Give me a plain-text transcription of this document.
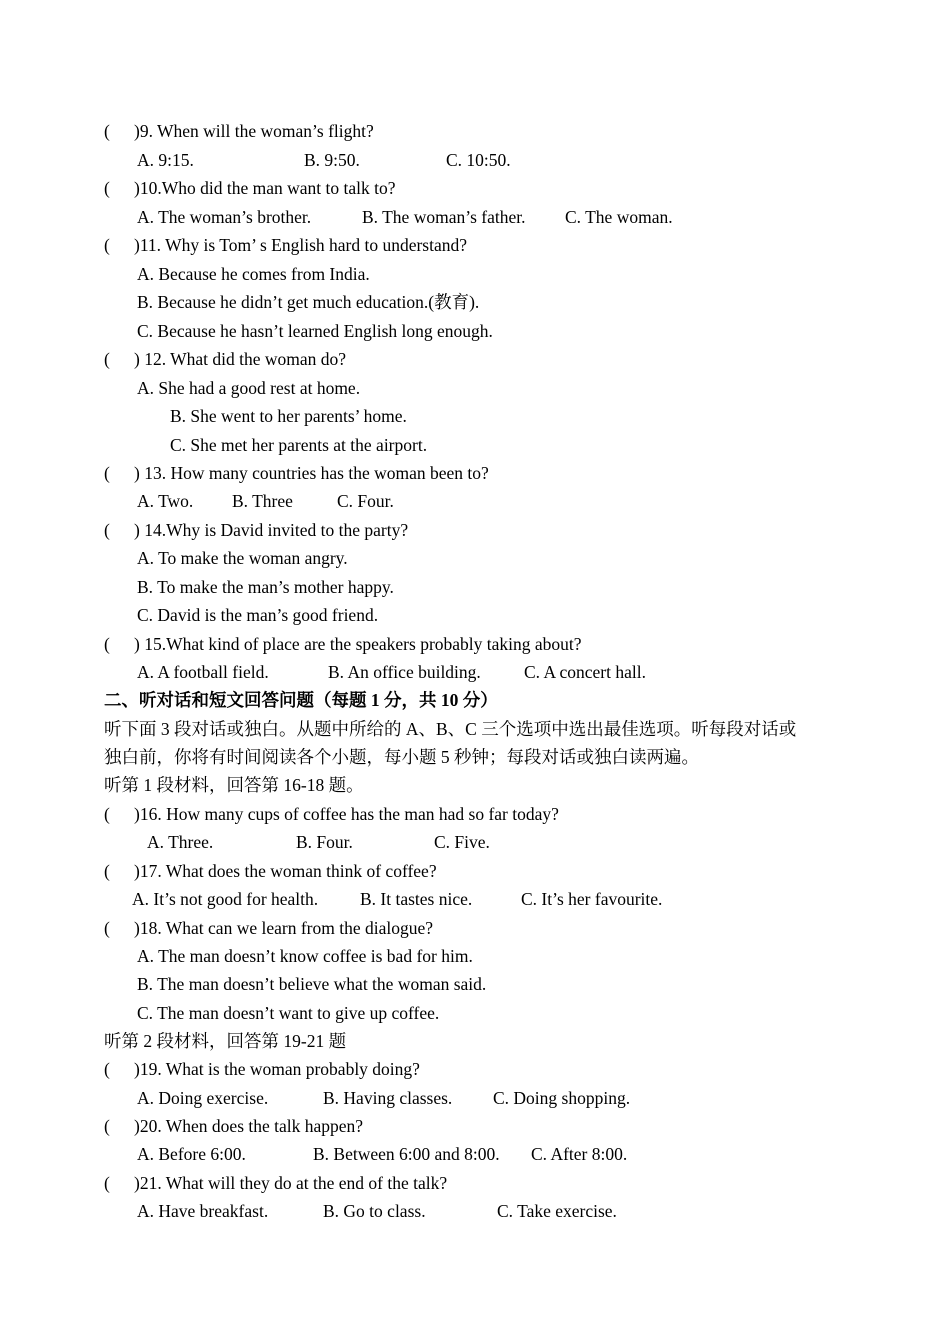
( )9. When will the woman’s flight?
A. 9:15.	B. 9:50.	C. 10:50.
( )10.Who did the man want to talk to?
A. The woman’s brother.	B. The woman’s father. C. The woman.
( )11. Why is Tom’ s English hard to understand?
A. Because he comes from India.
B. Because he didn’t get much education.(教育).
C. Because he hasn’t learned English long enough.
( ) 12. What did the woman do?
A. She had a good rest at home.
B. She went to her parents’ home.
C. She met her parents at the airport.
( ) 13. How many countries has the woman been to?
A. Two. B. Three	C. Four.
( ) 14.Why is David invited to the party?
A. To make the woman angry.
B. To make the man’s mother happy.
C. David is the man’s good friend.
( ) 15.What kind of place are the speakers probably taking about?
A. A football field.	B. An office building. C. A concert hall.
二、听对话和短文回答问题（每题 1 分，共 10 分）
听下面 3 段对话或独白。从题中所给的 A、B、C 三个选项中选出最佳选项。听每段对话或
独白前，你将有时间阅读各个小题，每小题 5 秒钟；每段对话或独白读两遍。
听第 1 段材料，回答第 16-18 题。
( )16. How many cups of coffee has the man had so far today?
A. Three.	B. Four.	C. Five.
( )17. What does the woman think of coffee?
A. It’s not good for health. B. It tastes nice.	C. It’s her favourite.
( )18. What can we learn from the dialogue?
A. The man doesn’t know coffee is bad for him.
B. The man doesn’t believe what the woman said.
C. The man doesn’t want to give up coffee.
听第 2 段材料，回答第 19-21 题
( )19. What is the woman probably doing?
A. Doing exercise.	B. Having classes. C. Doing shopping.
( )20. When does the talk happen?
A. Before 6:00.	B. Between 6:00 and 8:00. C. After 8:00.
( )21. What will they do at the end of the talk?
A. Have breakfast.	B. Go to class.	C. Take exercise.
